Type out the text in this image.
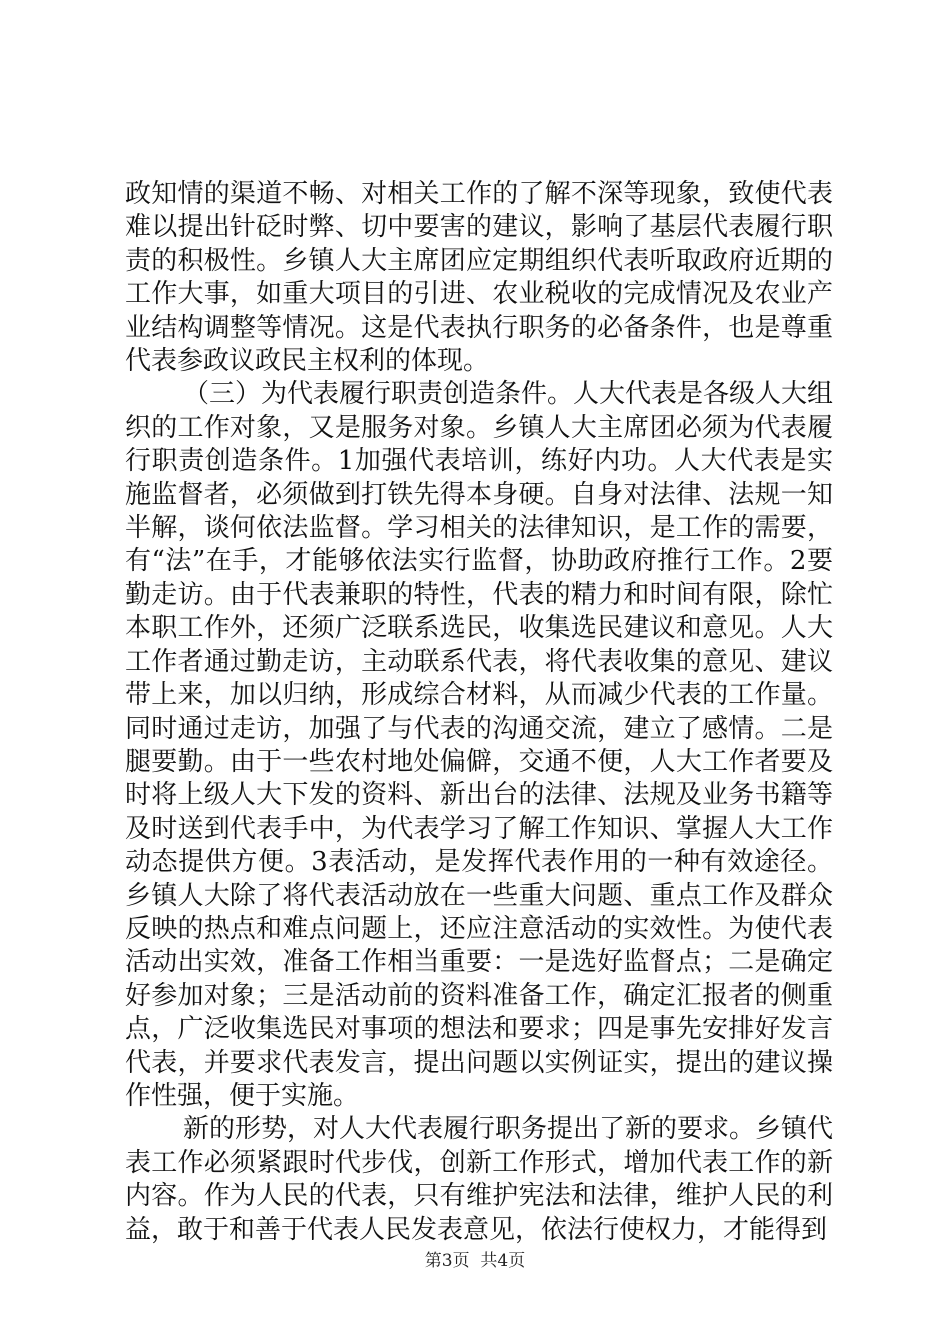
政知情的渠道不畅、对相关工作的了解不深等现象，致使代表难以提出针砭时弊、切中要害的建议，影响了基层代表履行职责的积极性。乡镇人大主席团应定期组织代表听取政府近期的工作大事，如重大项目的引进、农业税收的完成情况及农业产业结构调整等情况。这是代表执行职务的必备条件，也是尊重代表参政议政民主权利的体现。

（三）为代表履行职责创造条件。人大代表是各级人大组织的工作对象，又是服务对象。乡镇人大主席团必须为代表履行职责创造条件。1加强代表培训，练好内功。人大代表是实施监督者，必须做到打铁先得本身硬。自身对法律、法规一知半解，谈何依法监督。学习相关的法律知识，是工作的需要，有“法”在手，才能够依法实行监督，协助政府推行工作。2要勤走访。由于代表兼职的特性，代表的精力和时间有限，除忙本职工作外，还须广泛联系选民，收集选民建议和意见。人大工作者通过勤走访，主动联系代表，将代表收集的意见、建议带上来，加以归纳，形成综合材料，从而减少代表的工作量。同时通过走访，加强了与代表的沟通交流，建立了感情。二是腿要勤。由于一些农村地处偏僻，交通不便，人大工作者要及时将上级人大下发的资料、新出台的法律、法规及业务书籍等及时送到代表手中，为代表学习了解工作知识、掌握人大工作动态提供方便。3表活动，是发挥代表作用的一种有效途径。乡镇人大除了将代表活动放在一些重大问题、重点工作及群众反映的热点和难点问题上，还应注意活动的实效性。为使代表活动出实效，准备工作相当重要：一是选好监督点；二是确定好参加对象；三是活动前的资料准备工作，确定汇报者的侧重点，广泛收集选民对事项的想法和要求；四是事先安排好发言代表，并要求代表发言，提出问题以实例证实，提出的建议操作性强，便于实施。

新的形势，对人大代表履行职务提出了新的要求。乡镇代表工作必须紧跟时代步伐，创新工作形式，增加代表工作的新内容。作为人民的代表，只有维护宪法和法律，维护人民的利益，敢于和善于代表人民发表意见，依法行使权力，才能得到

第3页  共4页
